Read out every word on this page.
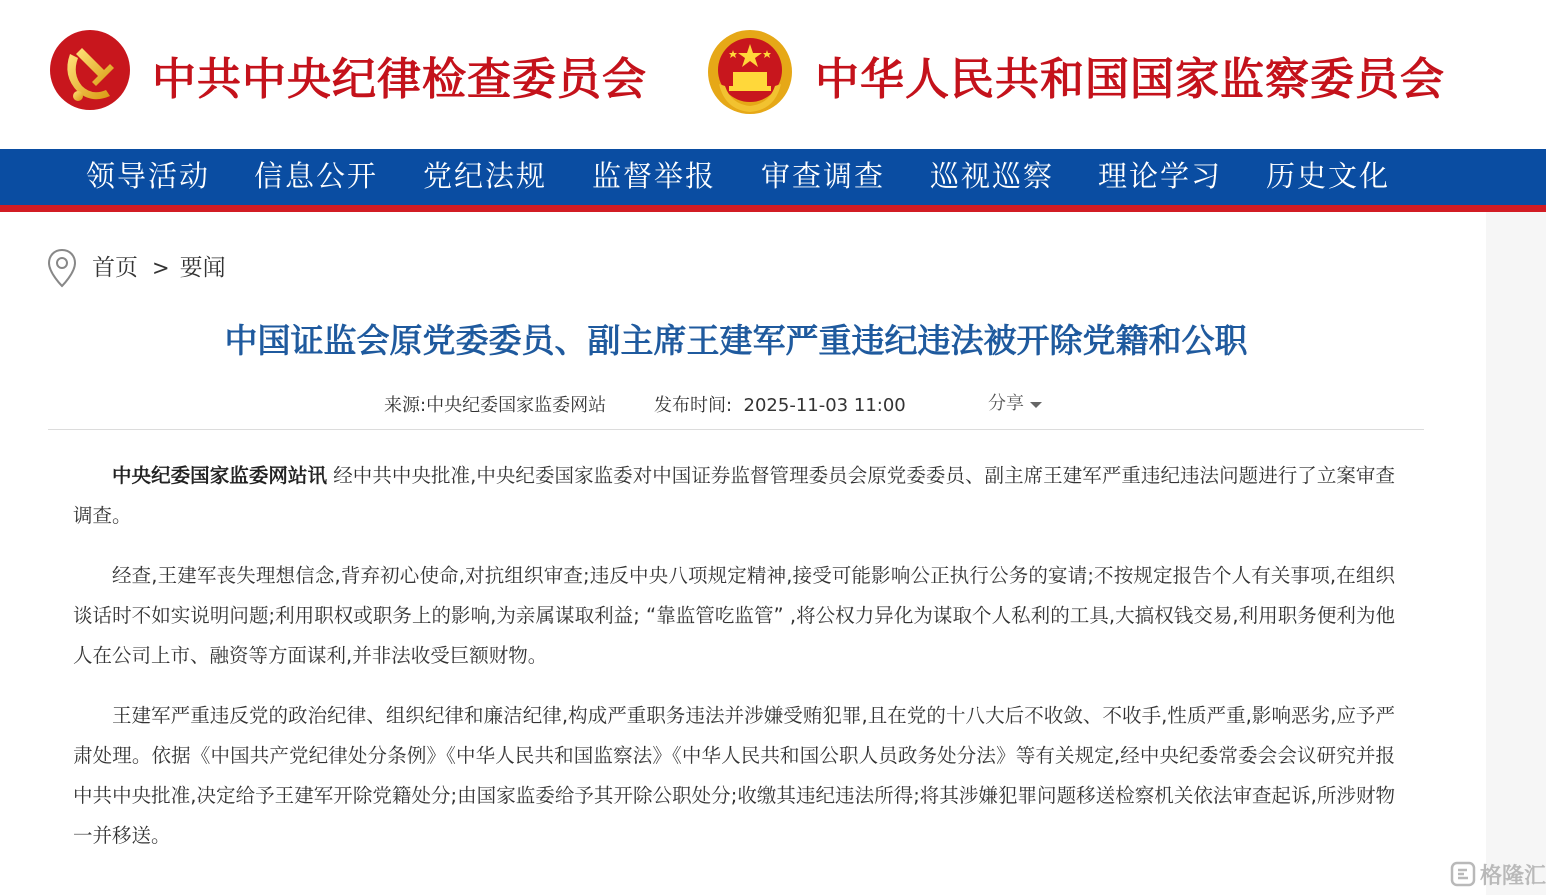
中共中央纪律检查委员会	中华人民共和国国家监察委员会
领导活动 信息公开 党纪法规 监督举报 审查调查 巡视巡察 理论学习 历史文化
首页 > 要闻
中国证监会原党委委员、副主席王建军严重违纪违法被开除党籍和公职
来源:中央纪委国家监委网站	发布时间: 2025-11-03 11:00	分享

中央纪委国家监委网站讯 经中共中央批准,中央纪委国家监委对中国证券监督管理委员会原党委委员、副主席王建军严重违纪违法问题进行了立案审查调查。

经查,王建军丧失理想信念,背弃初心使命,对抗组织审查;违反中央八项规定精神,接受可能影响公正执行公务的宴请;不按规定报告个人有关事项,在组织谈话时不如实说明问题;利用职权或职务上的影响,为亲属谋取利益; “靠监管吃监管” ,将公权力异化为谋取个人私利的工具,大搞权钱交易,利用职务便利为他人在公司上市、融资等方面谋利,并非法收受巨额财物。

王建军严重违反党的政治纪律、组织纪律和廉洁纪律,构成严重职务违法并涉嫌受贿犯罪,且在党的十八大后不收敛、不收手,性质严重,影响恶劣,应予严肃处理。依据《中国共产党纪律处分条例》《中华人民共和国监察法》《中华人民共和国公职人员政务处分法》等有关规定,经中央纪委常委会会议研究并报中共中央批准,决定给予王建军开除党籍处分;由国家监委给予其开除公职处分;收缴其违纪违法所得;将其涉嫌犯罪问题移送检察机关依法审查起诉,所涉财物一并移送。

格隆汇
